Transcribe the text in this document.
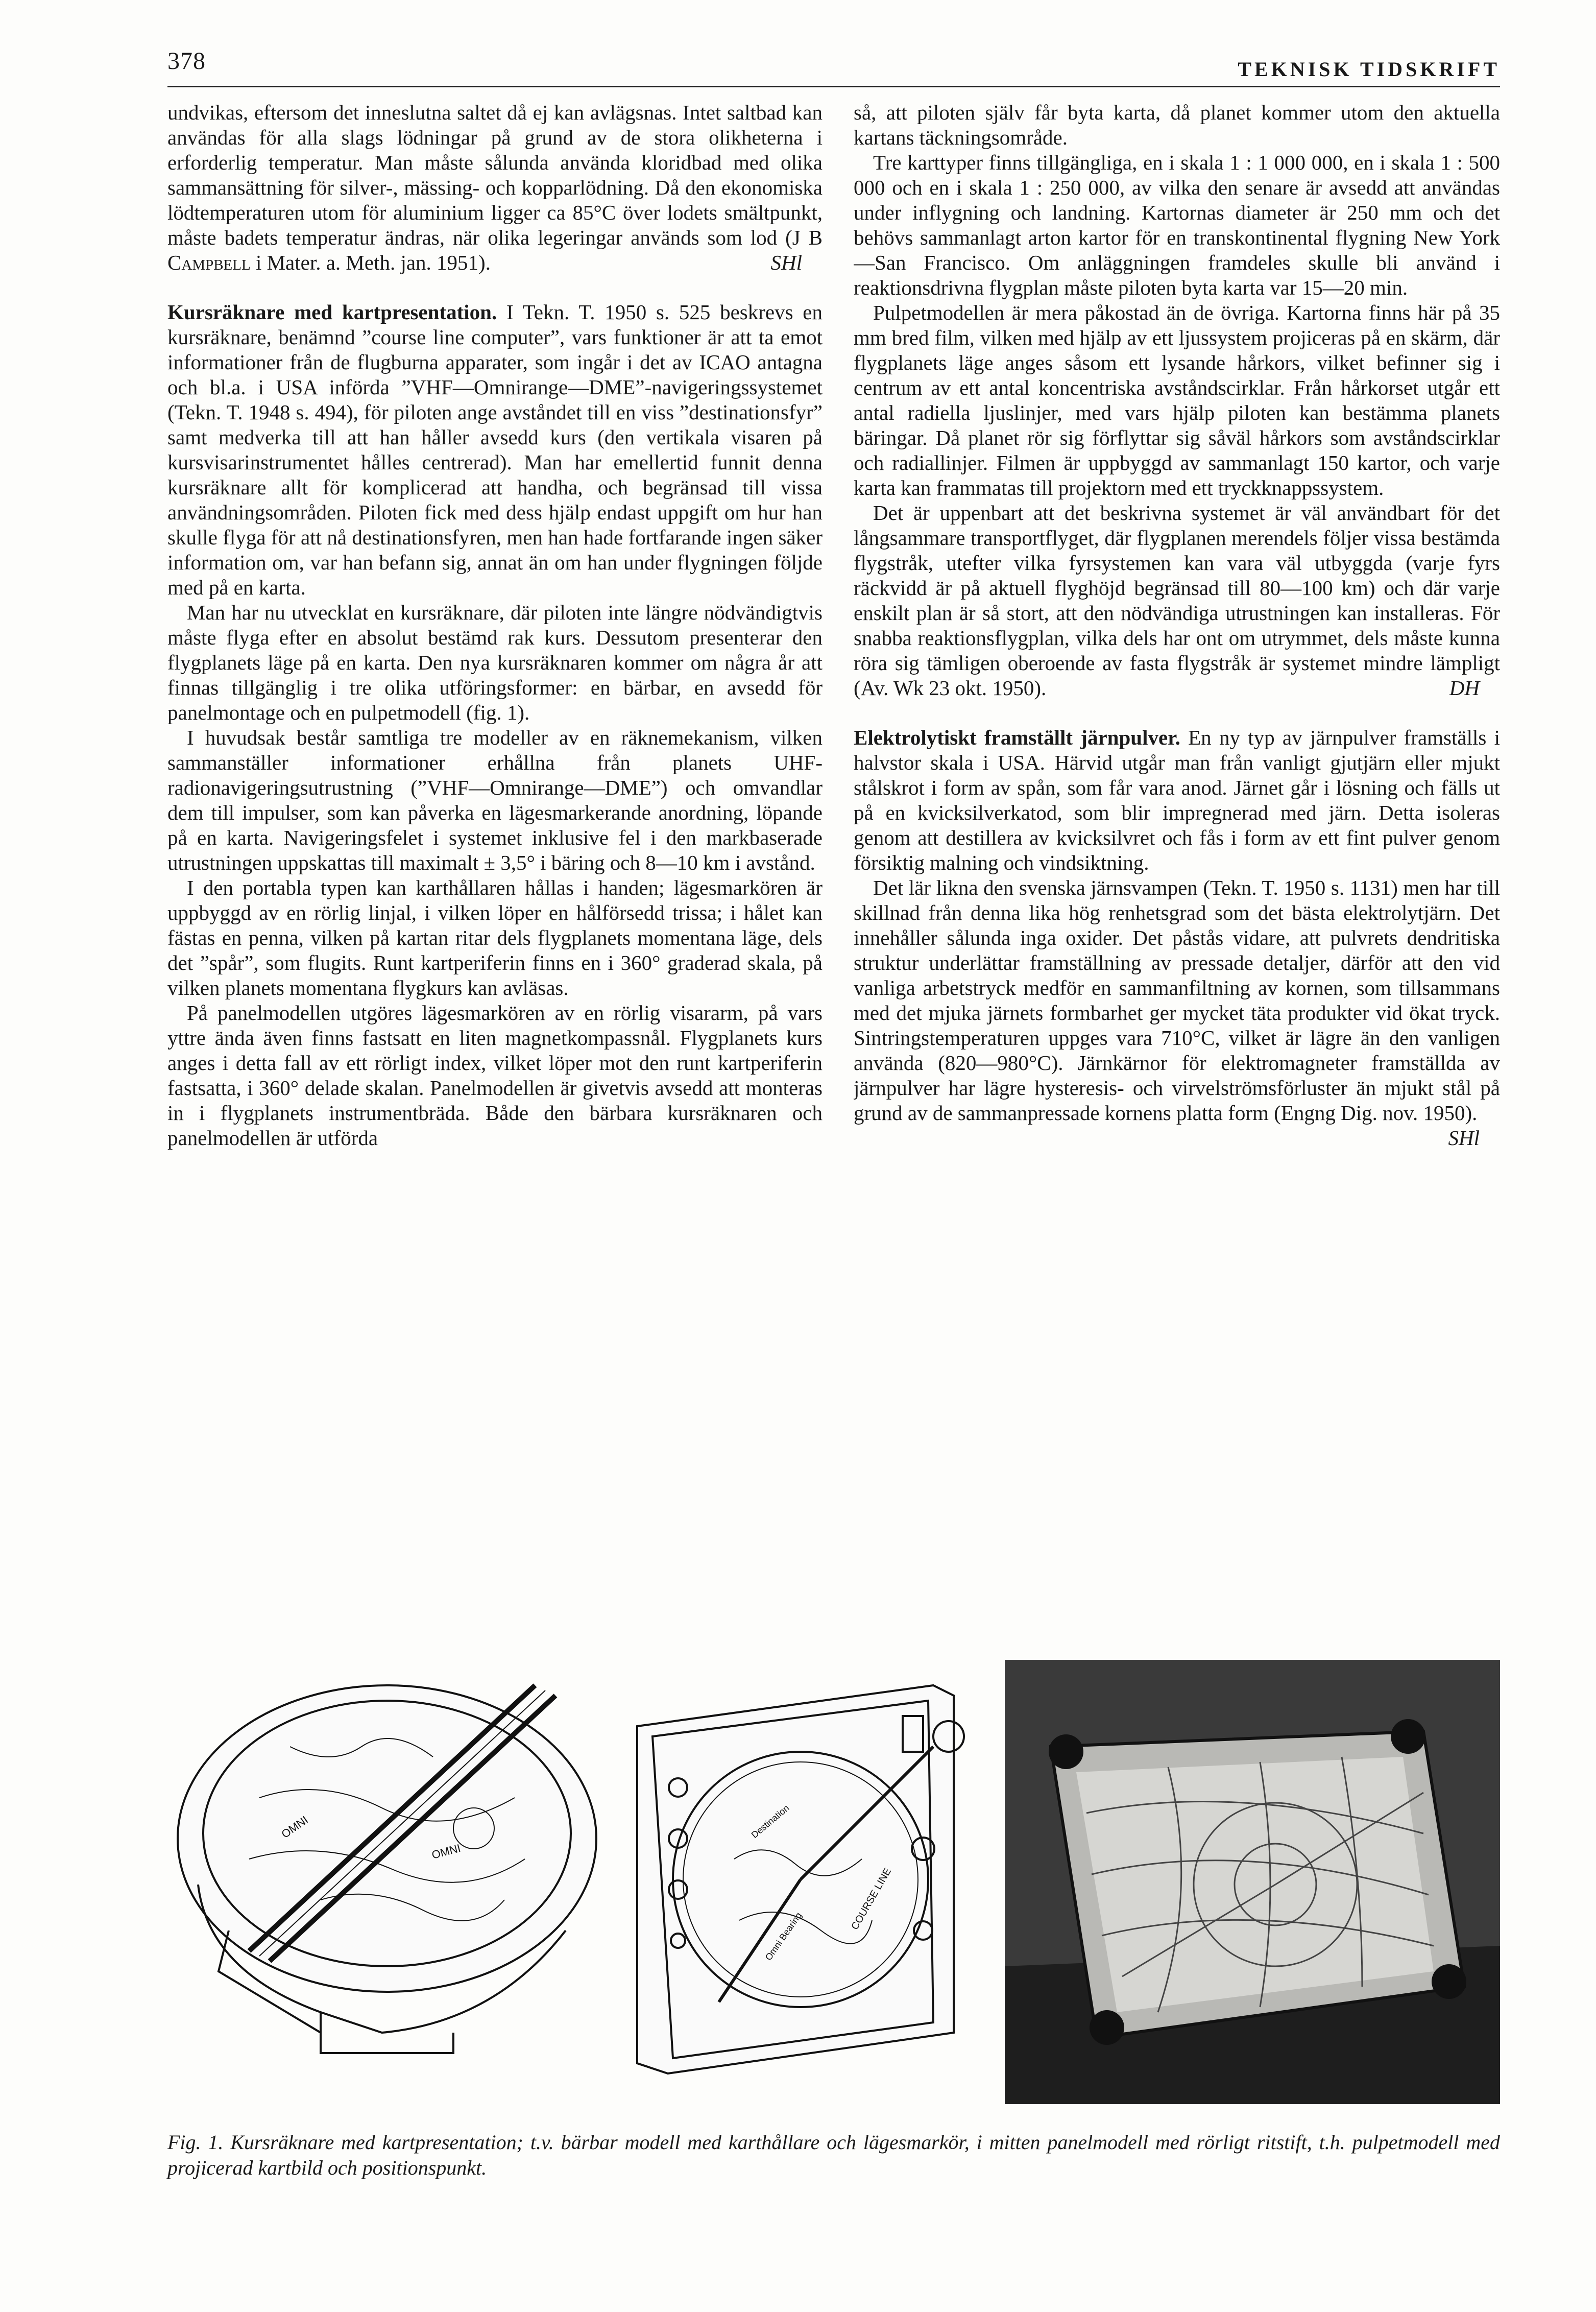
378	TEKNISK TIDSKRIFT

undvikas, eftersom det inneslutna saltet då ej kan avlägsnas. Intet saltbad kan användas för alla slags lödningar på grund av de stora olikheterna i erforderlig temperatur. Man måste sålunda använda kloridbad med olika sammansättning för silver-, mässing- och kopparlödning. Då den ekonomiska lödtemperaturen utom för aluminium ligger ca 85°C över lodets smältpunkt, måste badets temperatur ändras, när olika legeringar används som lod (J B Campbell i Mater. a. Meth. jan. 1951).	SHl

Kursräknare med kartpresentation. I Tekn. T. 1950 s. 525 beskrevs en kursräknare, benämnd ”course line computer”, vars funktioner är att ta emot informationer från de flugburna apparater, som ingår i det av ICAO antagna och bl.a. i USA införda ”VHF—Omnirange—DME”-navigeringssystemet (Tekn. T. 1948 s. 494), för piloten ange avståndet till en viss ”destinationsfyr” samt medverka till att han håller avsedd kurs (den vertikala visaren på kursvisarinstrumentet hålles centrerad). Man har emellertid funnit denna kursräknare allt för komplicerad att handha, och begränsad till vissa användningsområden. Piloten fick med dess hjälp endast uppgift om hur han skulle flyga för att nå destinationsfyren, men han hade fortfarande ingen säker information om, var han befann sig, annat än om han under flygningen följde med på en karta.

Man har nu utvecklat en kursräknare, där piloten inte längre nödvändigtvis måste flyga efter en absolut bestämd rak kurs. Dessutom presenterar den flygplanets läge på en karta. Den nya kursräknaren kommer om några år att finnas tillgänglig i tre olika utföringsformer: en bärbar, en avsedd för panelmontage och en pulpetmodell (fig. 1).

I huvudsak består samtliga tre modeller av en räknemekanism, vilken sammanställer informationer erhållna från planets UHF-radionavigeringsutrustning (”VHF—Omnirange—DME”) och omvandlar dem till impulser, som kan påverka en lägesmarkerande anordning, löpande på en karta. Navigeringsfelet i systemet inklusive fel i den markbaserade utrustningen uppskattas till maximalt ± 3,5° i bäring och 8—10 km i avstånd.

I den portabla typen kan karthållaren hållas i handen; lägesmarkören är uppbyggd av en rörlig linjal, i vilken löper en hålförsedd trissa; i hålet kan fästas en penna, vilken på kartan ritar dels flygplanets momentana läge, dels det ”spår”, som flugits. Runt kartperiferin finns en i 360° graderad skala, på vilken planets momentana flygkurs kan avläsas.

På panelmodellen utgöres lägesmarkören av en rörlig visararm, på vars yttre ända även finns fastsatt en liten magnetkompassnål. Flygplanets kurs anges i detta fall av ett rörligt index, vilket löper mot den runt kartperiferin fastsatta, i 360° delade skalan. Panelmodellen är givetvis avsedd att monteras in i flygplanets instrumentbräda. Både den bärbara kursräknaren och panelmodellen är utförda

så, att piloten själv får byta karta, då planet kommer utom den aktuella kartans täckningsområde.

Tre karttyper finns tillgängliga, en i skala 1 : 1 000 000, en i skala 1 : 500 000 och en i skala 1 : 250 000, av vilka den senare är avsedd att användas under inflygning och landning. Kartornas diameter är 250 mm och det behövs sammanlagt arton kartor för en transkontinental flygning New York—San Francisco. Om anläggningen framdeles skulle bli använd i reaktionsdrivna flygplan måste piloten byta karta var 15—20 min.

Pulpetmodellen är mera påkostad än de övriga. Kartorna finns här på 35 mm bred film, vilken med hjälp av ett ljussystem projiceras på en skärm, där flygplanets läge anges såsom ett lysande hårkors, vilket befinner sig i centrum av ett antal koncentriska avståndscirklar. Från hårkorset utgår ett antal radiella ljuslinjer, med vars hjälp piloten kan bestämma planets bäringar. Då planet rör sig förflyttar sig såväl hårkors som avståndscirklar och radiallinjer. Filmen är uppbyggd av sammanlagt 150 kartor, och varje karta kan frammatas till projektorn med ett tryckknappssystem.

Det är uppenbart att det beskrivna systemet är väl användbart för det långsammare transportflyget, där flygplanen merendels följer vissa bestämda flygstråk, utefter vilka fyrsystemen kan vara väl utbyggda (varje fyrs räckvidd är på aktuell flyghöjd begränsad till 80—100 km) och där varje enskilt plan är så stort, att den nödvändiga utrustningen kan installeras. För snabba reaktionsflygplan, vilka dels har ont om utrymmet, dels måste kunna röra sig tämligen oberoende av fasta flygstråk är systemet mindre lämpligt (Av. Wk 23 okt. 1950).	DH

Elektrolytiskt framställt järnpulver. En ny typ av järnpulver framställs i halvstor skala i USA. Härvid utgår man från vanligt gjutjärn eller mjukt stålskrot i form av spån, som får vara anod. Järnet går i lösning och fälls ut på en kvicksilverkatod, som blir impregnerad med järn. Detta isoleras genom att destillera av kvicksilvret och fås i form av ett fint pulver genom försiktig malning och vindsiktning.

Det lär likna den svenska järnsvampen (Tekn. T. 1950 s. 1131) men har till skillnad från denna lika hög renhetsgrad som det bästa elektrolytjärn. Det innehåller sålunda inga oxider. Det påstås vidare, att pulvrets dendritiska struktur underlättar framställning av pressade detaljer, därför att den vid vanliga arbetstryck medför en sammanfiltning av kornen, som tillsammans med det mjuka järnets formbarhet ger mycket täta produkter vid ökat tryck. Sintringstemperaturen uppges vara 710°C, vilket är lägre än den vanligen använda (820—980°C). Järnkärnor för elektromagneter framställda av järnpulver har lägre hysteresis- och virvelströmsförluster än mjukt stål på grund av de sammanpressade kornens platta form (Engng Dig. nov. 1950).
SHl

OMNI
OMNI
COURSE LINE
Omni Bearing
Destination
Fig. 1. Kursräknare med kartpresentation; t.v. bärbar modell med karthållare och lägesmarkör, i mitten panelmodell med rörligt ritstift, t.h. pulpetmodell med projicerad kartbild och positionspunkt.
